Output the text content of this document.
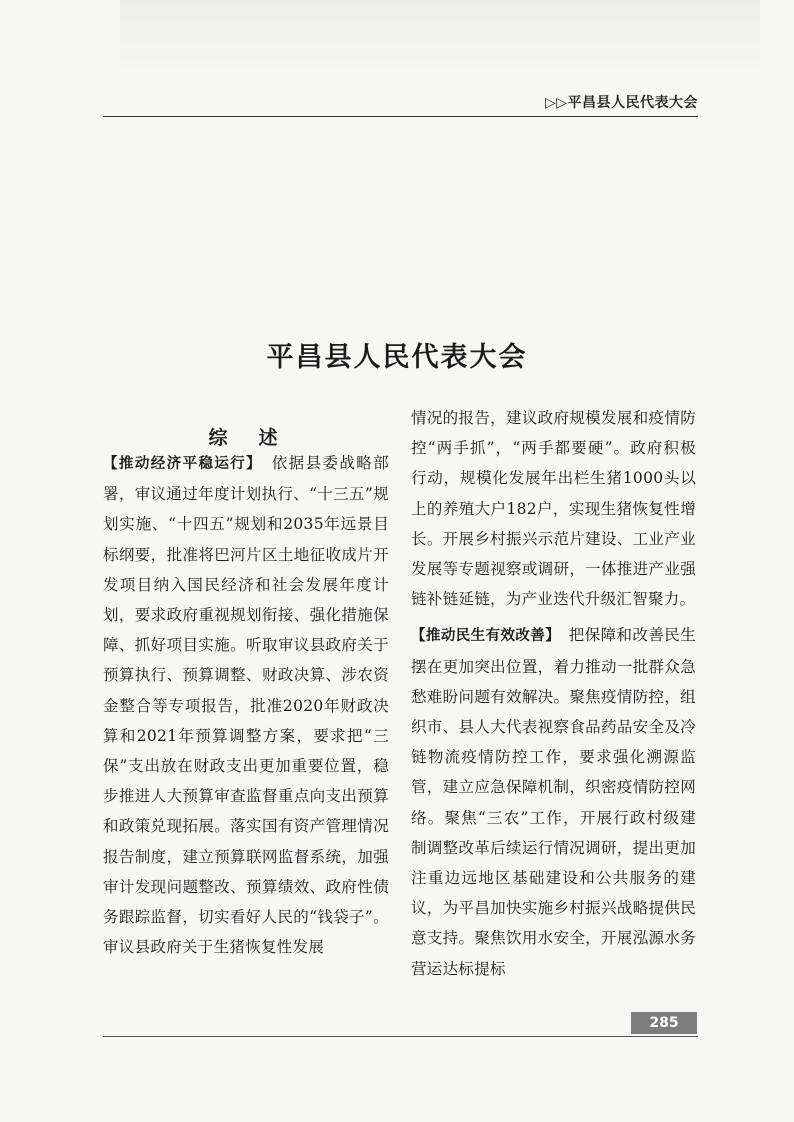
▷▷平昌县人民代表大会
平昌县人民代表大会
综　述

【推动经济平稳运行】　依据县委战略部署，审议通过年度计划执行、“十三五”规划实施、“十四五”规划和2035年远景目标纲要，批准将巴河片区土地征收成片开发项目纳入国民经济和社会发展年度计划，要求政府重视规划衔接、强化措施保障、抓好项目实施。听取审议县政府关于预算执行、预算调整、财政决算、涉农资金整合等专项报告，批准2020年财政决算和2021年预算调整方案，要求把“三保”支出放在财政支出更加重要位置，稳步推进人大预算审查监督重点向支出预算和政策兑现拓展。落实国有资产管理情况报告制度，建立预算联网监督系统，加强审计发现问题整改、预算绩效、政府性债务跟踪监督，切实看好人民的“钱袋子”。审议县政府关于生猪恢复性发展

情况的报告，建议政府规模发展和疫情防控“两手抓”，“两手都要硬”。政府积极行动，规模化发展年出栏生猪1000头以上的养殖大户182户，实现生猪恢复性增长。开展乡村振兴示范片建设、工业产业发展等专题视察或调研，一体推进产业强链补链延链，为产业迭代升级汇智聚力。

【推动民生有效改善】　把保障和改善民生摆在更加突出位置，着力推动一批群众急愁难盼问题有效解决。聚焦疫情防控，组织市、县人大代表视察食品药品安全及冷链物流疫情防控工作，要求强化溯源监管，建立应急保障机制，织密疫情防控网络。聚焦“三农”工作，开展行政村级建制调整改革后续运行情况调研，提出更加注重边远地区基础建设和公共服务的建议，为平昌加快实施乡村振兴战略提供民意支持。聚焦饮用水安全，开展泓源水务营运达标提标

285
